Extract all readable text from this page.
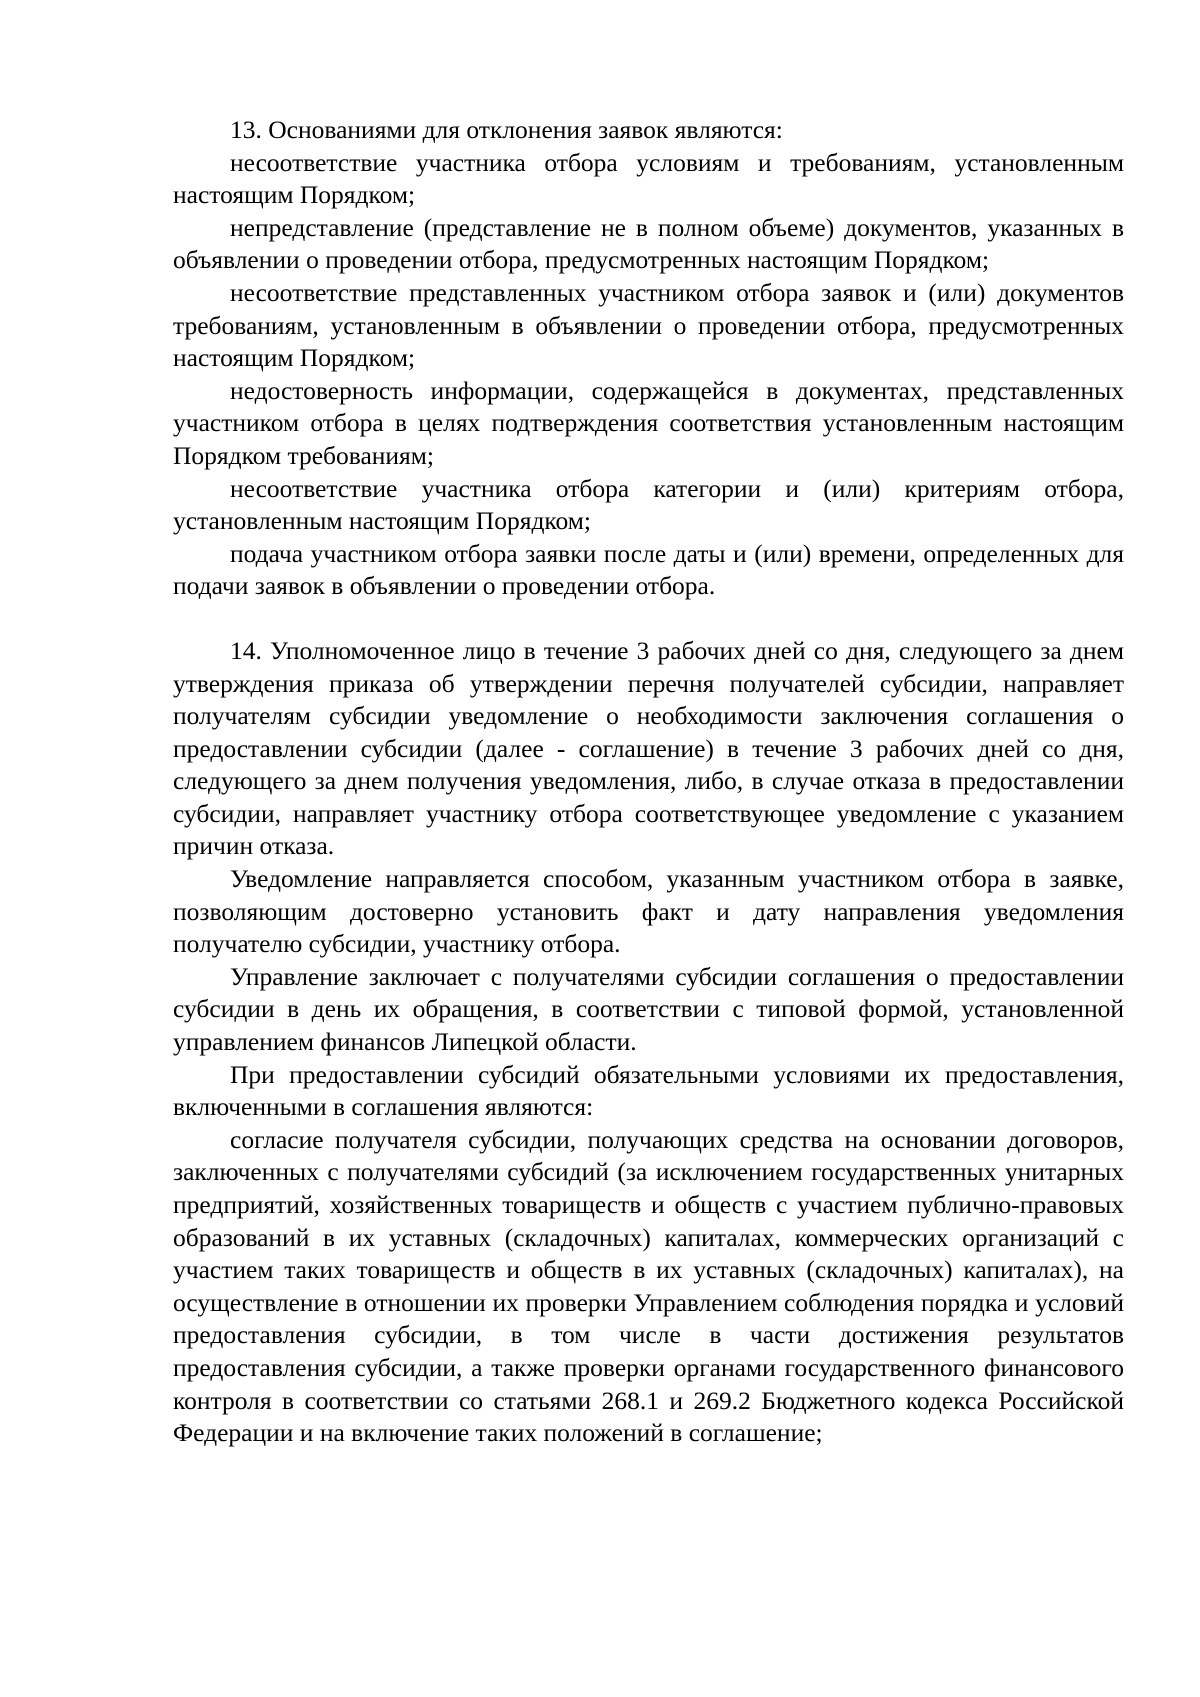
13. Основаниями для отклонения заявок являются:

несоответствие участника отбора условиям и требованиям, установленным настоящим Порядком;

непредставление (представление не в полном объеме) документов, указанных в объявлении о проведении отбора, предусмотренных настоящим Порядком;

несоответствие представленных участником отбора заявок и (или) документов требованиям, установленным в объявлении о проведении отбора, предусмотренных настоящим Порядком;

недостоверность информации, содержащейся в документах, представленных участником отбора в целях подтверждения соответствия установленным настоящим Порядком требованиям;

несоответствие участника отбора категории и (или) критериям отбора, установленным настоящим Порядком;

подача участником отбора заявки после даты и (или) времени, определенных для подачи заявок в объявлении о проведении отбора.

14. Уполномоченное лицо в течение 3 рабочих дней со дня, следующего за днем утверждения приказа об утверждении перечня получателей субсидии, направляет получателям субсидии уведомление о необходимости заключения соглашения о предоставлении субсидии (далее - соглашение) в течение 3 рабочих дней со дня, следующего за днем получения уведомления, либо, в случае отказа в предоставлении субсидии, направляет участнику отбора соответствующее уведомление с указанием причин отказа.

Уведомление направляется способом, указанным участником отбора в заявке, позволяющим достоверно установить факт и дату направления уведомления получателю субсидии, участнику отбора.

Управление заключает с получателями субсидии соглашения о предоставлении субсидии в день их обращения, в соответствии с типовой формой, установленной управлением финансов Липецкой области.

При предоставлении субсидий обязательными условиями их предоставления, включенными в соглашения являются:

согласие получателя субсидии, получающих средства на основании договоров, заключенных с получателями субсидий (за исключением государственных унитарных предприятий, хозяйственных товариществ и обществ с участием публично-правовых образований в их уставных (складочных) капиталах, коммерческих организаций с участием таких товариществ и обществ в их уставных (складочных) капиталах), на осуществление в отношении их проверки Управлением соблюдения порядка и условий предоставления субсидии, в том числе в части достижения результатов предоставления субсидии, а также проверки органами государственного финансового контроля в соответствии со статьями 268.1 и 269.2 Бюджетного кодекса Российской Федерации и на включение таких положений в соглашение;
